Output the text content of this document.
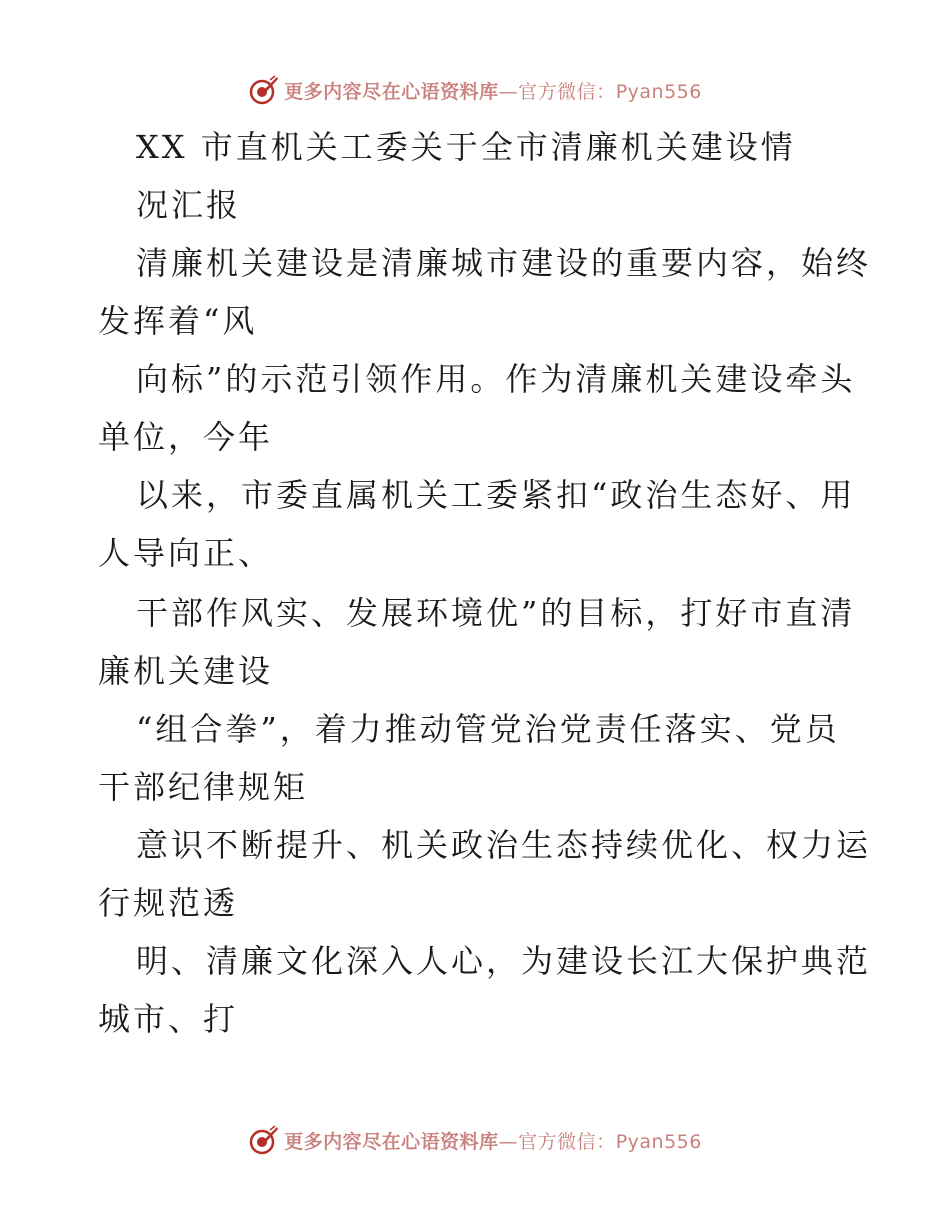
更多内容尽在心语资料库—官方微信：Pyan556
XX 市直机关工委关于全市清廉机关建设情
况汇报
清廉机关建设是清廉城市建设的重要内容，始终
发挥着“风
向标”的示范引领作用。作为清廉机关建设牵头
单位，今年
以来，市委直属机关工委紧扣“政治生态好、用
人导向正、
干部作风实、发展环境优”的目标，打好市直清
廉机关建设
“组合拳”，着力推动管党治党责任落实、党员
干部纪律规矩
意识不断提升、机关政治生态持续优化、权力运
行规范透
明、清廉文化深入人心，为建设长江大保护典范
城市、打
更多内容尽在心语资料库—官方微信：Pyan556
